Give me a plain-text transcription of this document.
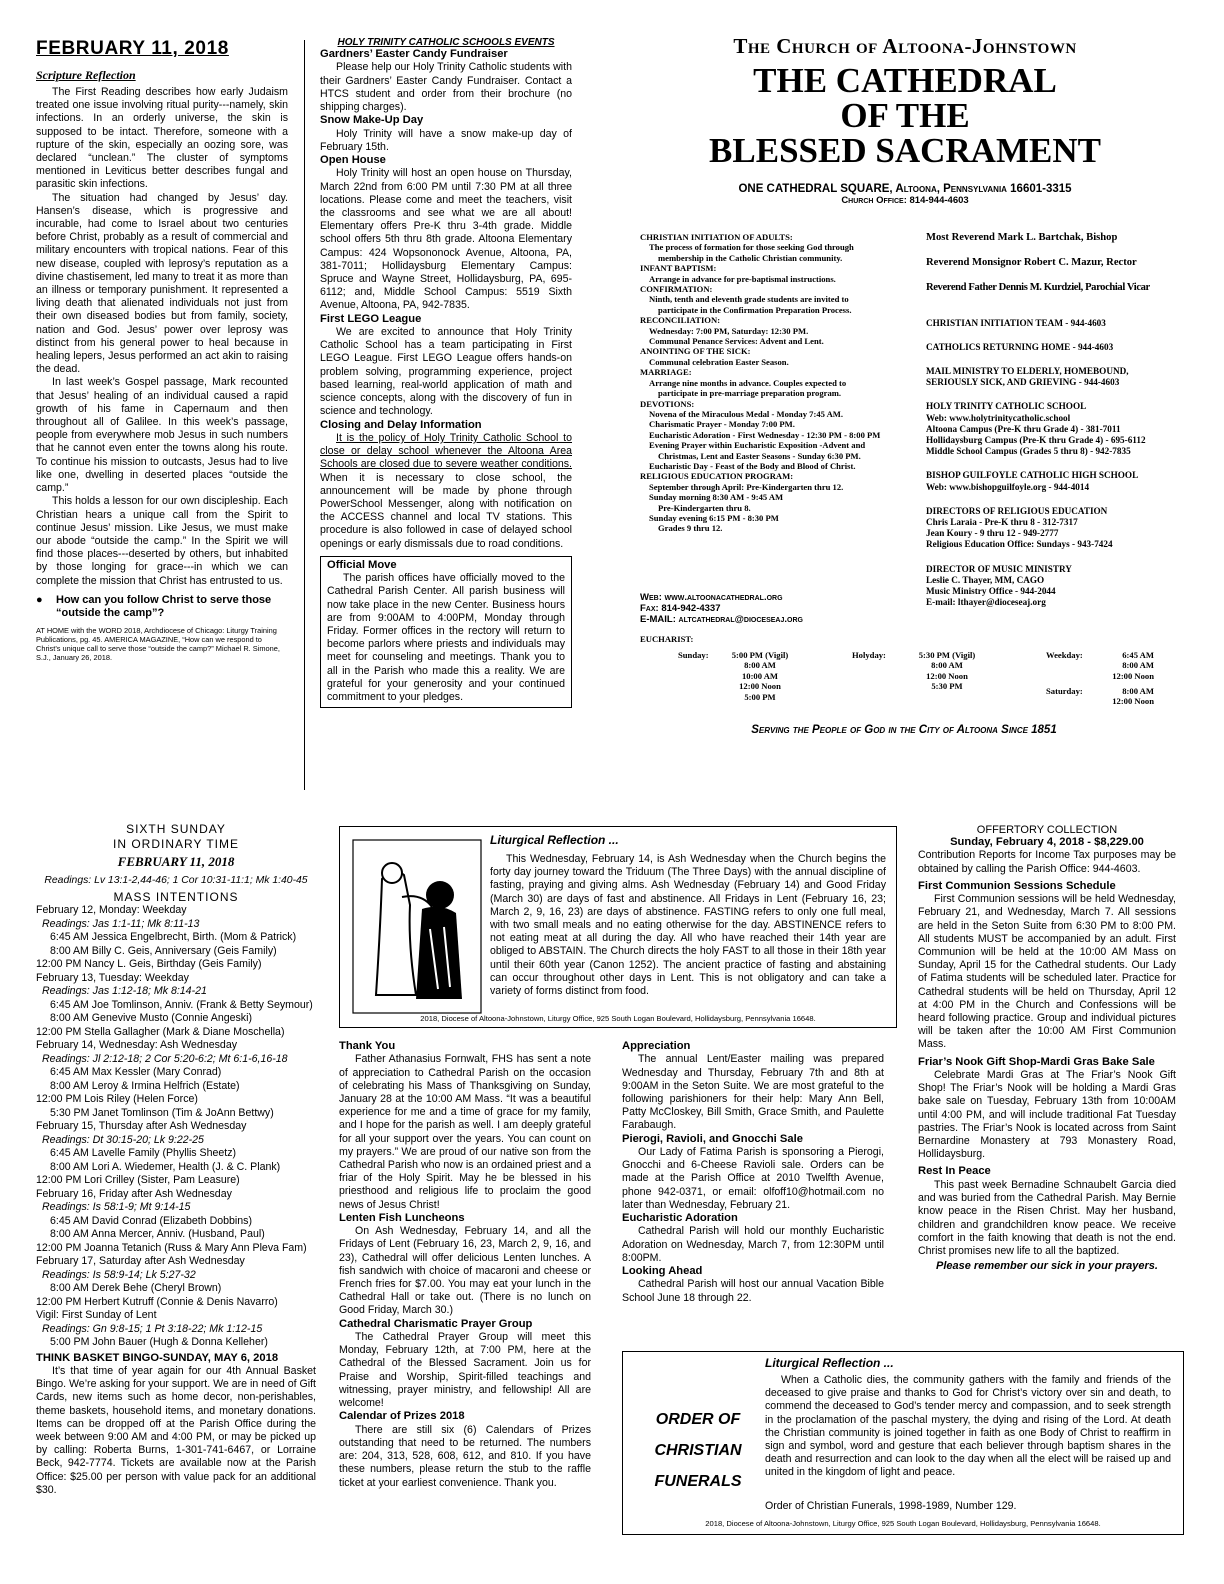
FEBRUARY 11, 2018
Scripture Reflection

The First Reading describes how early Judaism treated one issue involving ritual purity---namely, skin infections. In an orderly universe, the skin is supposed to be intact. Therefore, someone with a rupture of the skin, especially an oozing sore, was declared “unclean.” The cluster of symptoms mentioned in Leviticus better describes fungal and parasitic skin infections.

The situation had changed by Jesus’ day. Hansen’s disease, which is progressive and incurable, had come to Israel about two centuries before Christ, probably as a result of commercial and military encounters with tropical nations. Fear of this new disease, coupled with leprosy’s reputation as a divine chastisement, led many to treat it as more than an illness or temporary punishment. It represented a living death that alienated individuals not just from their own diseased bodies but from family, society, nation and God. Jesus’ power over leprosy was distinct from his general power to heal because in healing lepers, Jesus performed an act akin to raising the dead.

In last week’s Gospel passage, Mark recounted that Jesus’ healing of an individual caused a rapid growth of his fame in Capernaum and then throughout all of Galilee. In this week’s passage, people from everywhere mob Jesus in such numbers that he cannot even enter the towns along his route. To continue his mission to outcasts, Jesus had to live like one, dwelling in deserted places “outside the camp.”

This holds a lesson for our own discipleship. Each Christian hears a unique call from the Spirit to continue Jesus’ mission. Like Jesus, we must make our abode “outside the camp.” In the Spirit we will find those places---deserted by others, but inhabited by those longing for grace---in which we can complete the mission that Christ has entrusted to us.

●	How can you follow Christ to serve those “outside the camp”?

AT HOME with the WORD 2018, Archdiocese of Chicago: Liturgy Training Publications, pg. 45. AMERICA MAGAZINE, “How can we respond to Christ’s unique call to serve those “outside the camp?” Michael R. Simone, S.J., January 26, 2018.

HOLY TRINITY CATHOLIC SCHOOLS EVENTS
Gardners’ Easter Candy Fundraiser

Please help our Holy Trinity Catholic students with their Gardners’ Easter Candy Fundraiser. Contact a HTCS student and order from their brochure (no shipping charges).

Snow Make-Up Day

Holy Trinity will have a snow make-up day of February 15th.

Open House

Holy Trinity will host an open house on Thursday, March 22nd from 6:00 PM until 7:30 PM at all three locations. Please come and meet the teachers, visit the classrooms and see what we are all about! Elementary offers Pre-K thru 3-4th grade. Middle school offers 5th thru 8th grade. Altoona Elementary Campus: 424 Wopsononock Avenue, Altoona, PA, 381-7011; Hollidaysburg Elementary Campus: Spruce and Wayne Street, Hollidaysburg, PA, 695-6112; and, Middle School Campus: 5519 Sixth Avenue, Altoona, PA, 942-7835.

First LEGO League

We are excited to announce that Holy Trinity Catholic School has a team participating in First LEGO League. First LEGO League offers hands-on problem solving, programming experience, project based learning, real-world application of math and science concepts, along with the discovery of fun in science and technology.

Closing and Delay Information

It is the policy of Holy Trinity Catholic School to close or delay school whenever the Altoona Area Schools are closed due to severe weather conditions. When it is necessary to close school, the announcement will be made by phone through PowerSchool Messenger, along with notification on the ACCESS channel and local TV stations. This procedure is also followed in case of delayed school openings or early dismissals due to road conditions.

Official Move

The parish offices have officially moved to the Cathedral Parish Center. All parish business will now take place in the new Center. Business hours are from 9:00AM to 4:00PM, Monday through Friday. Former offices in the rectory will return to become parlors where priests and individuals may meet for counseling and meetings. Thank you to all in the Parish who made this a reality. We are grateful for your generosity and your continued commitment to your pledges.

The Church of Altoona-Johnstown
THE CATHEDRAL
OF THE
BLESSED SACRAMENT
ONE CATHEDRAL SQUARE, Altoona, Pennsylvania 16601-3315
Church Office: 814-944-4603
CHRISTIAN INITIATION OF ADULTS:
The process of formation for those seeking God through
membership in the Catholic Christian community.
INFANT BAPTISM:
Arrange in advance for pre-baptismal instructions.
CONFIRMATION:
Ninth, tenth and eleventh grade students are invited to
participate in the Confirmation Preparation Process.
RECONCILIATION:
Wednesday: 7:00 PM, Saturday: 12:30 PM.
Communal Penance Services: Advent and Lent.
ANOINTING OF THE SICK:
Communal celebration Easter Season.
MARRIAGE:
Arrange nine months in advance. Couples expected to
participate in pre-marriage preparation program.
DEVOTIONS:
Novena of the Miraculous Medal - Monday 7:45 AM.
Charismatic Prayer - Monday 7:00 PM.
Eucharistic Adoration - First Wednesday - 12:30 PM - 8:00 PM
Evening Prayer within Eucharistic Exposition -Advent and
Christmas, Lent and Easter Seasons - Sunday 6:30 PM.
Eucharistic Day - Feast of the Body and Blood of Christ.
RELIGIOUS EDUCATION PROGRAM:
September through April: Pre-Kindergarten thru 12.
Sunday morning 8:30 AM - 9:45 AM
Pre-Kindergarten thru 8.
Sunday evening 6:15 PM - 8:30 PM
Grades 9 thru 12.
Web: www.altoonacathedral.org
Fax: 814-942-4337
E-MAIL: altcathedral@dioceseaj.org
EUCHARIST:
Sunday:	5:00 PM (Vigil)
8:00 AM
10:00 AM
12:00 Noon
5:00 PM
Holyday:	5:30 PM (Vigil)
8:00 AM
12:00 Noon
5:30 PM
Weekday:	6:45 AM
8:00 AM
12:00 Noon
Saturday:	8:00 AM
12:00 Noon
Most Reverend Mark L. Bartchak, Bishop
Reverend Monsignor Robert C. Mazur, Rector
Reverend Father Dennis M. Kurdziel, Parochial Vicar
CHRISTIAN INITIATION TEAM - 944-4603
CATHOLICS RETURNING HOME - 944-4603
MAIL MINISTRY TO ELDERLY, HOMEBOUND,
SERIOUSLY SICK, AND GRIEVING - 944-4603
HOLY TRINITY CATHOLIC SCHOOL
Web: www.holytrinitycatholic.school
Altoona Campus (Pre-K thru Grade 4) - 381-7011
Hollidaysburg Campus (Pre-K thru Grade 4) - 695-6112
Middle School Campus (Grades 5 thru 8) - 942-7835
BISHOP GUILFOYLE CATHOLIC HIGH SCHOOL
Web: www.bishopguilfoyle.org - 944-4014
DIRECTORS OF RELIGIOUS EDUCATION
Chris Laraia - Pre-K thru 8 - 312-7317
Jean Koury - 9 thru 12 - 949-2777
Religious Education Office: Sundays - 943-7424
DIRECTOR OF MUSIC MINISTRY
Leslie C. Thayer, MM, CAGO
Music Ministry Office - 944-2044
E-mail: lthayer@dioceseaj.org
Serving the People of God in the City of Altoona Since 1851
SIXTH SUNDAY
IN ORDINARY TIME
FEBRUARY 11, 2018
Readings: Lv 13:1-2,44-46; 1 Cor 10:31-11:1; Mk 1:40-45
MASS INTENTIONS
February 12, Monday: Weekday
Readings: Jas 1:1-11; Mk 8:11-13
6:45 AM Jessica Engelbrecht, Birth. (Mom & Patrick)
8:00 AM Billy C. Geis, Anniversary (Geis Family)
12:00 PM Nancy L. Geis, Birthday (Geis Family)
February 13, Tuesday: Weekday
Readings: Jas 1:12-18; Mk 8:14-21
6:45 AM Joe Tomlinson, Anniv. (Frank & Betty Seymour)
8:00 AM Genevive Musto (Connie Angeski)
12:00 PM Stella Gallagher (Mark & Diane Moschella)
February 14, Wednesday: Ash Wednesday
Readings: Jl 2:12-18; 2 Cor 5:20-6:2; Mt 6:1-6,16-18
6:45 AM Max Kessler (Mary Conrad)
8:00 AM Leroy & Irmina Helfrich (Estate)
12:00 PM Lois Riley (Helen Force)
5:30 PM Janet Tomlinson (Tim & JoAnn Bettwy)
February 15, Thursday after Ash Wednesday
Readings: Dt 30:15-20; Lk 9:22-25
6:45 AM Lavelle Family (Phyllis Sheetz)
8:00 AM Lori A. Wiedemer, Health (J. & C. Plank)
12:00 PM Lori Crilley (Sister, Pam Leasure)
February 16, Friday after Ash Wednesday
Readings: Is 58:1-9; Mt 9:14-15
6:45 AM David Conrad (Elizabeth Dobbins)
8:00 AM Anna Mercer, Anniv. (Husband, Paul)
12:00 PM Joanna Tetanich (Russ & Mary Ann Pleva Fam)
February 17, Saturday after Ash Wednesday
Readings: Is 58:9-14; Lk 5:27-32
8:00 AM Derek Behe (Cheryl Brown)
12:00 PM Herbert Kutruff (Connie & Denis Navarro)
Vigil: First Sunday of Lent
Readings: Gn 9:8-15; 1 Pt 3:18-22; Mk 1:12-15
5:00 PM John Bauer (Hugh & Donna Kelleher)
THINK BASKET BINGO-SUNDAY, MAY 6, 2018

It’s that time of year again for our 4th Annual Basket Bingo. We’re asking for your support. We are in need of Gift Cards, new items such as home decor, non-perishables, theme baskets, household items, and monetary donations. Items can be dropped off at the Parish Office during the week between 9:00 AM and 4:00 PM, or may be picked up by calling: Roberta Burns, 1-301-741-6467, or Lorraine Beck, 942-7774. Tickets are available now at the Parish Office: $25.00 per person with value pack for an additional $30.

Liturgical Reflection ...

This Wednesday, February 14, is Ash Wednesday when the Church begins the forty day journey toward the Triduum (The Three Days) with the annual discipline of fasting, praying and giving alms. Ash Wednesday (February 14) and Good Friday (March 30) are days of fast and abstinence. All Fridays in Lent (February 16, 23; March 2, 9, 16, 23) are days of abstinence. FASTING refers to only one full meal, with two small meals and no eating otherwise for the day. ABSTINENCE refers to not eating meat at all during the day. All who have reached their 14th year are obliged to ABSTAIN. The Church directs the holy FAST to all those in their 18th year until their 60th year (Canon 1252). The ancient practice of fasting and abstaining can occur throughout other days in Lent. This is not obligatory and can take a variety of forms distinct from food.

2018, Diocese of Altoona-Johnstown, Liturgy Office, 925 South Logan Boulevard, Hollidaysburg, Pennsylvania 16648.
Thank You

Father Athanasius Fornwalt, FHS has sent a note of appreciation to Cathedral Parish on the occasion of celebrating his Mass of Thanksgiving on Sunday, January 28 at the 10:00 AM Mass. “It was a beautiful experience for me and a time of grace for my family, and I hope for the parish as well. I am deeply grateful for all your support over the years. You can count on my prayers.” We are proud of our native son from the Cathedral Parish who now is an ordained priest and a friar of the Holy Spirit. May he be blessed in his priesthood and religious life to proclaim the good news of Jesus Christ!

Lenten Fish Luncheons

On Ash Wednesday, February 14, and all the Fridays of Lent (February 16, 23, March 2, 9, 16, and 23), Cathedral will offer delicious Lenten lunches. A fish sandwich with choice of macaroni and cheese or French fries for $7.00. You may eat your lunch in the Cathedral Hall or take out. (There is no lunch on Good Friday, March 30.)

Cathedral Charismatic Prayer Group

The Cathedral Prayer Group will meet this Monday, February 12th, at 7:00 PM, here at the Cathedral of the Blessed Sacrament. Join us for Praise and Worship, Spirit-filled teachings and witnessing, prayer ministry, and fellowship! All are welcome!

Calendar of Prizes 2018

There are still six (6) Calendars of Prizes outstanding that need to be returned. The numbers are: 204, 313, 528, 608, 612, and 810. If you have these numbers, please return the stub to the raffle ticket at your earliest convenience. Thank you.

Appreciation

The annual Lent/Easter mailing was prepared Wednesday and Thursday, February 7th and 8th at 9:00AM in the Seton Suite. We are most grateful to the following parishioners for their help: Mary Ann Bell, Patty McCloskey, Bill Smith, Grace Smith, and Paulette Farabaugh.

Pierogi, Ravioli, and Gnocchi Sale

Our Lady of Fatima Parish is sponsoring a Pierogi, Gnocchi and 6-Cheese Ravioli sale. Orders can be made at the Parish Office at 2010 Twelfth Avenue, phone 942-0371, or email: olfoff10@hotmail.com no later than Wednesday, February 21.

Eucharistic Adoration

Cathedral Parish will hold our monthly Eucharistic Adoration on Wednesday, March 7, from 12:30PM until 8:00PM.

Looking Ahead

Cathedral Parish will host our annual Vacation Bible School June 18 through 22.

Liturgical Reflection ...
ORDER OF
CHRISTIAN
FUNERALS

When a Catholic dies, the community gathers with the family and friends of the deceased to give praise and thanks to God for Christ’s victory over sin and death, to commend the deceased to God’s tender mercy and compassion, and to seek strength in the proclamation of the paschal mystery, the dying and rising of the Lord. At death the Christian community is joined together in faith as one Body of Christ to reaffirm in sign and symbol, word and gesture that each believer through baptism shares in the death and resurrection and can look to the day when all the elect will be raised up and united in the kingdom of light and peace.

Order of Christian Funerals, 1998-1989, Number 129.
2018, Diocese of Altoona-Johnstown, Liturgy Office, 925 South Logan Boulevard, Hollidaysburg, Pennsylvania 16648.
OFFERTORY COLLECTION
Sunday, February 4, 2018 - $8,229.00

Contribution Reports for Income Tax purposes may be obtained by calling the Parish Office: 944-4603.

First Communion Sessions Schedule

First Communion sessions will be held Wednesday, February 21, and Wednesday, March 7. All sessions are held in the Seton Suite from 6:30 PM to 8:00 PM. All students MUST be accompanied by an adult. First Communion will be held at the 10:00 AM Mass on Sunday, April 15 for the Cathedral students. Our Lady of Fatima students will be scheduled later. Practice for Cathedral students will be held on Thursday, April 12 at 4:00 PM in the Church and Confessions will be heard following practice. Group and individual pictures will be taken after the 10:00 AM First Communion Mass.

Friar’s Nook Gift Shop-Mardi Gras Bake Sale

Celebrate Mardi Gras at The Friar’s Nook Gift Shop! The Friar’s Nook will be holding a Mardi Gras bake sale on Tuesday, February 13th from 10:00AM until 4:00 PM, and will include traditional Fat Tuesday pastries. The Friar’s Nook is located across from Saint Bernardine Monastery at 793 Monastery Road, Hollidaysburg.

Rest In Peace

This past week Bernadine Schnaubelt Garcia died and was buried from the Cathedral Parish. May Bernie know peace in the Risen Christ. May her husband, children and grandchildren know peace. We receive comfort in the faith knowing that death is not the end. Christ promises new life to all the baptized.

Please remember our sick in your prayers.
